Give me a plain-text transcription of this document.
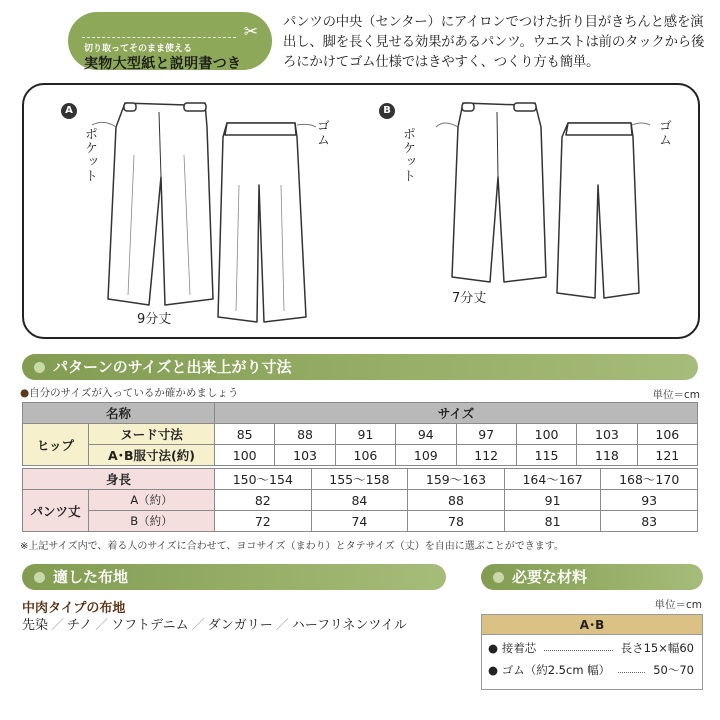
✂
切り取ってそのまま使える
実物大型紙と説明書つき
パンツの中央（センター）にアイロンでつけた折り目がきちんと感を演出し、脚を長く見せる効果があるパンツ。ウエストは前のタックから後ろにかけてゴム仕様ではきやすく、つくり方も簡単。
A
ポケット	ゴム
9分丈
B
ポケット	ゴム
7分丈
パターンのサイズと出来上がり寸法
●自分のサイズが入っているか確かめましょう	単位＝cm
名称		サイズ							
ヒップ	ヌード寸法	85	88	91	94	97	100	103	106
	A･B服寸法(約)	100	103	106	109	112	115	118	121
身長		150〜154	155〜158	159〜163	164〜167	168〜170
パンツ丈	A（約）	82	84	88	91	93
	B（約）	72	74	78	81	83
※上記サイズ内で、着る人のサイズに合わせて、ヨコサイズ（まわり）とタテサイズ（丈）を自由に選ぶことができます。
適した布地
中肉タイプの布地
先染 ／ チノ ／ ソフトデニム ／ ダンガリー ／ ハーフリネンツイル
必要な材料
単位＝cm
A･B
● 接着芯	長さ15×幅60
● ゴム（約2.5cm 幅）	50〜70
